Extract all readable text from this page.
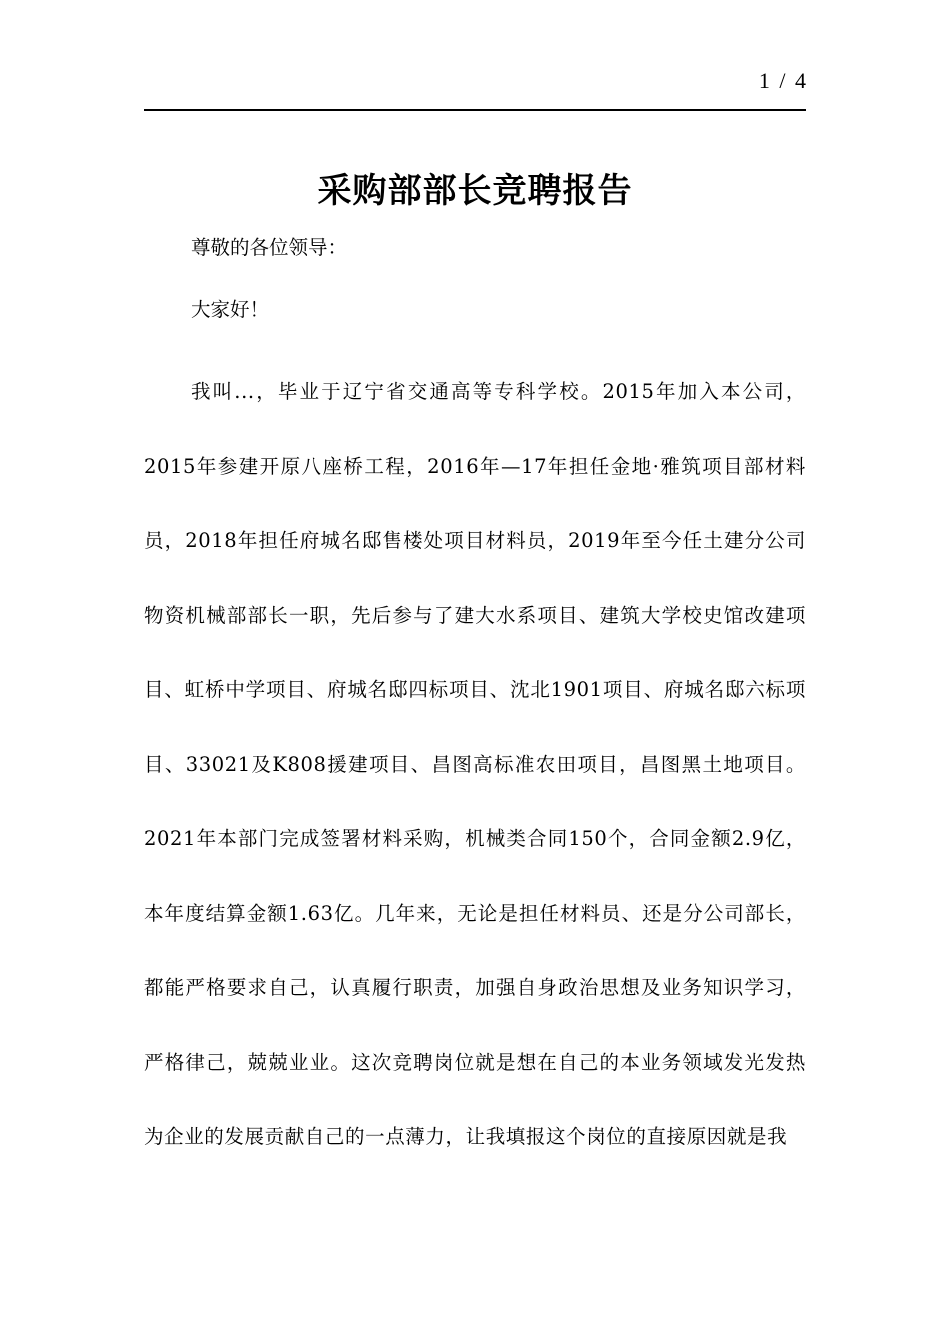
1 / 4
采购部部长竞聘报告

尊敬的各位领导：

大家好！

我叫...，毕业于辽宁省交通高等专科学校。2015年加入本公司，2015年参建开原八座桥工程，2016年—17年担任金地·雅筑项目部材料员，2018年担任府城名邸售楼处项目材料员，2019年至今任土建分公司物资机械部部长一职，先后参与了建大水系项目、建筑大学校史馆改建项目、虹桥中学项目、府城名邸四标项目、沈北1901项目、府城名邸六标项目、33021及K808援建项目、昌图高标准农田项目，昌图黑土地项目。2021年本部门完成签署材料采购，机械类合同150个，合同金额2.9亿，本年度结算金额1.63亿。几年来，无论是担任材料员、还是分公司部长，都能严格要求自己，认真履行职责，加强自身政治思想及业务知识学习，严格律己，兢兢业业。这次竞聘岗位就是想在自己的本业务领域发光发热为企业的发展贡献自己的一点薄力，让我填报这个岗位的直接原因就是我
